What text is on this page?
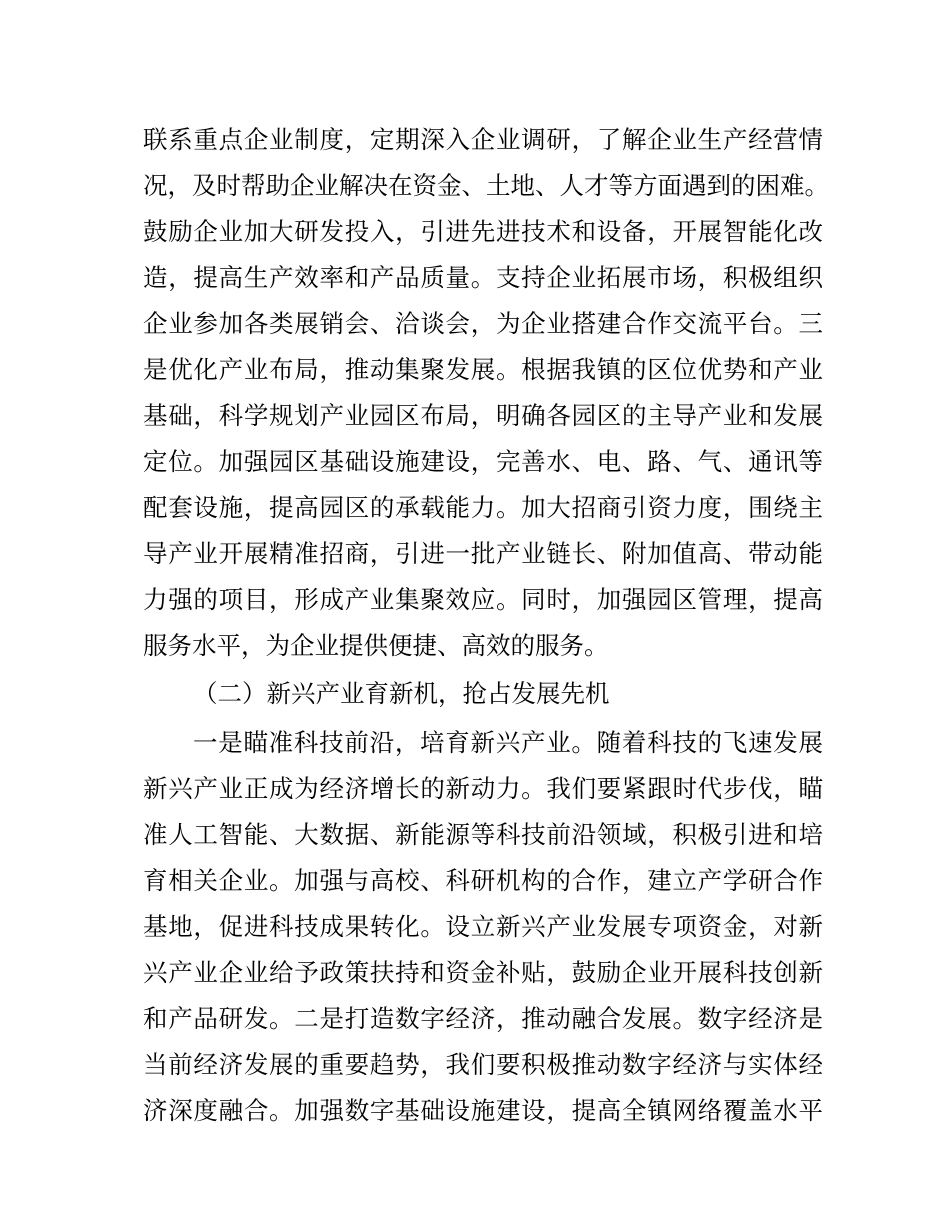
联系重点企业制度，定期深入企业调研，了解企业生产经营情
况，及时帮助企业解决在资金、土地、人才等方面遇到的困难。
鼓励企业加大研发投入，引进先进技术和设备，开展智能化改
造，提高生产效率和产品质量。支持企业拓展市场，积极组织
企业参加各类展销会、洽谈会，为企业搭建合作交流平台。三
是优化产业布局，推动集聚发展。根据我镇的区位优势和产业
基础，科学规划产业园区布局，明确各园区的主导产业和发展
定位。加强园区基础设施建设，完善水、电、路、气、通讯等
配套设施，提高园区的承载能力。加大招商引资力度，围绕主
导产业开展精准招商，引进一批产业链长、附加值高、带动能
力强的项目，形成产业集聚效应。同时，加强园区管理，提高
服务水平，为企业提供便捷、高效的服务。
（二）新兴产业育新机，抢占发展先机
一是瞄准科技前沿，培育新兴产业。随着科技的飞速发展
新兴产业正成为经济增长的新动力。我们要紧跟时代步伐，瞄
准人工智能、大数据、新能源等科技前沿领域，积极引进和培
育相关企业。加强与高校、科研机构的合作，建立产学研合作
基地，促进科技成果转化。设立新兴产业发展专项资金，对新
兴产业企业给予政策扶持和资金补贴，鼓励企业开展科技创新
和产品研发。二是打造数字经济，推动融合发展。数字经济是
当前经济发展的重要趋势，我们要积极推动数字经济与实体经
济深度融合。加强数字基础设施建设，提高全镇网络覆盖水平
